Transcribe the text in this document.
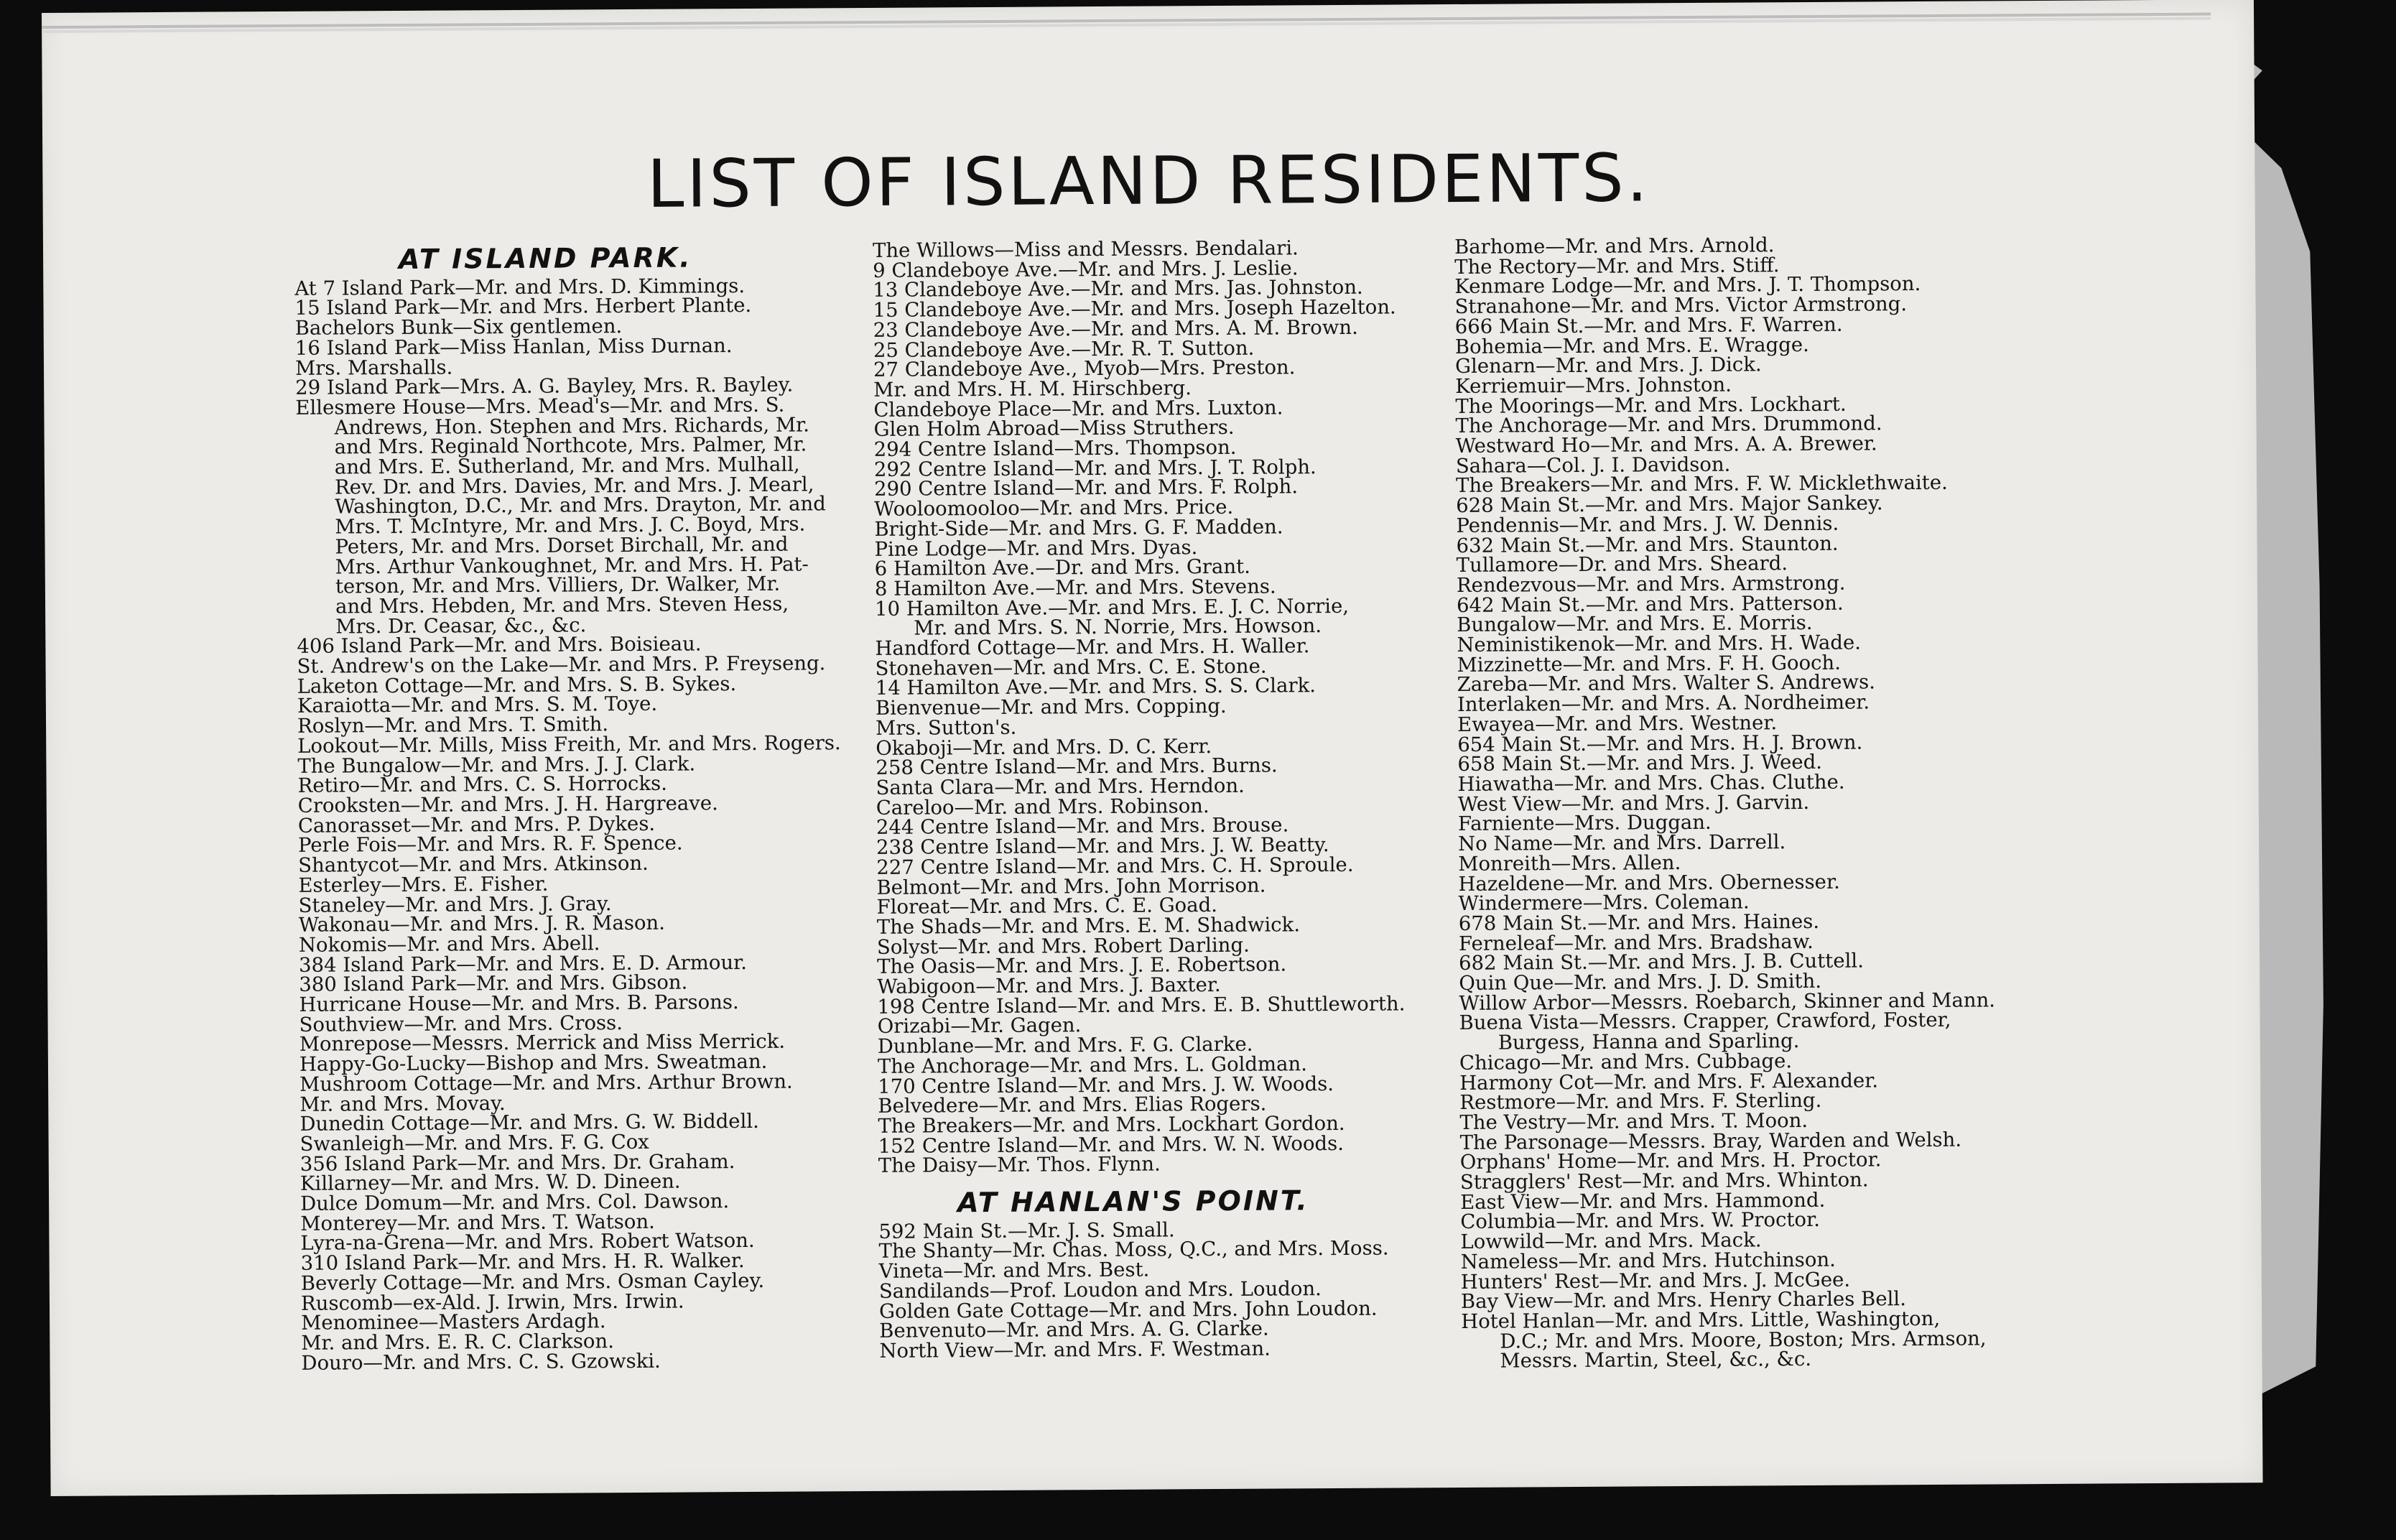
LIST OF ISLAND RESIDENTS.
AT ISLAND PARK.
At 7 Island Park—Mr. and Mrs. D. Kimmings.
15 Island Park—Mr. and Mrs. Herbert Plante.
Bachelors Bunk—Six gentlemen.
16 Island Park—Miss Hanlan, Miss Durnan.
Mrs. Marshalls.
29 Island Park—Mrs. A. G. Bayley, Mrs. R. Bayley.
Ellesmere House—Mrs. Mead's—Mr. and Mrs. S.
Andrews, Hon. Stephen and Mrs. Richards, Mr.
and Mrs. Reginald Northcote, Mrs. Palmer, Mr.
and Mrs. E. Sutherland, Mr. and Mrs. Mulhall,
Rev. Dr. and Mrs. Davies, Mr. and Mrs. J. Mearl,
Washington, D.C., Mr. and Mrs. Drayton, Mr. and
Mrs. T. McIntyre, Mr. and Mrs. J. C. Boyd, Mrs.
Peters, Mr. and Mrs. Dorset Birchall, Mr. and
Mrs. Arthur Vankoughnet, Mr. and Mrs. H. Pat-
terson, Mr. and Mrs. Villiers, Dr. Walker, Mr.
and Mrs. Hebden, Mr. and Mrs. Steven Hess,
Mrs. Dr. Ceasar, &c., &c.
406 Island Park—Mr. and Mrs. Boisieau.
St. Andrew's on the Lake—Mr. and Mrs. P. Freyseng.
Laketon Cottage—Mr. and Mrs. S. B. Sykes.
Karaiotta—Mr. and Mrs. S. M. Toye.
Roslyn—Mr. and Mrs. T. Smith.
Lookout—Mr. Mills, Miss Freith, Mr. and Mrs. Rogers.
The Bungalow—Mr. and Mrs. J. J. Clark.
Retiro—Mr. and Mrs. C. S. Horrocks.
Crooksten—Mr. and Mrs. J. H. Hargreave.
Canorasset—Mr. and Mrs. P. Dykes.
Perle Fois—Mr. and Mrs. R. F. Spence.
Shantycot—Mr. and Mrs. Atkinson.
Esterley—Mrs. E. Fisher.
Staneley—Mr. and Mrs. J. Gray.
Wakonau—Mr. and Mrs. J. R. Mason.
Nokomis—Mr. and Mrs. Abell.
384 Island Park—Mr. and Mrs. E. D. Armour.
380 Island Park—Mr. and Mrs. Gibson.
Hurricane House—Mr. and Mrs. B. Parsons.
Southview—Mr. and Mrs. Cross.
Monrepose—Messrs. Merrick and Miss Merrick.
Happy-Go-Lucky—Bishop and Mrs. Sweatman.
Mushroom Cottage—Mr. and Mrs. Arthur Brown.
Mr. and Mrs. Movay.
Dunedin Cottage—Mr. and Mrs. G. W. Biddell.
Swanleigh—Mr. and Mrs. F. G. Cox
356 Island Park—Mr. and Mrs. Dr. Graham.
Killarney—Mr. and Mrs. W. D. Dineen.
Dulce Domum—Mr. and Mrs. Col. Dawson.
Monterey—Mr. and Mrs. T. Watson.
Lyra-na-Grena—Mr. and Mrs. Robert Watson.
310 Island Park—Mr. and Mrs. H. R. Walker.
Beverly Cottage—Mr. and Mrs. Osman Cayley.
Ruscomb—ex-Ald. J. Irwin, Mrs. Irwin.
Menominee—Masters Ardagh.
Mr. and Mrs. E. R. C. Clarkson.
Douro—Mr. and Mrs. C. S. Gzowski.
The Willows—Miss and Messrs. Bendalari.
9 Clandeboye Ave.—Mr. and Mrs. J. Leslie.
13 Clandeboye Ave.—Mr. and Mrs. Jas. Johnston.
15 Clandeboye Ave.—Mr. and Mrs. Joseph Hazelton.
23 Clandeboye Ave.—Mr. and Mrs. A. M. Brown.
25 Clandeboye Ave.—Mr. R. T. Sutton.
27 Clandeboye Ave., Myob—Mrs. Preston.
Mr. and Mrs. H. M. Hirschberg.
Clandeboye Place—Mr. and Mrs. Luxton.
Glen Holm Abroad—Miss Struthers.
294 Centre Island—Mrs. Thompson.
292 Centre Island—Mr. and Mrs. J. T. Rolph.
290 Centre Island—Mr. and Mrs. F. Rolph.
Wooloomooloo—Mr. and Mrs. Price.
Bright-Side—Mr. and Mrs. G. F. Madden.
Pine Lodge—Mr. and Mrs. Dyas.
6 Hamilton Ave.—Dr. and Mrs. Grant.
8 Hamilton Ave.—Mr. and Mrs. Stevens.
10 Hamilton Ave.—Mr. and Mrs. E. J. C. Norrie,
Mr. and Mrs. S. N. Norrie, Mrs. Howson.
Handford Cottage—Mr. and Mrs. H. Waller.
Stonehaven—Mr. and Mrs. C. E. Stone.
14 Hamilton Ave.—Mr. and Mrs. S. S. Clark.
Bienvenue—Mr. and Mrs. Copping.
Mrs. Sutton's.
Okaboji—Mr. and Mrs. D. C. Kerr.
258 Centre Island—Mr. and Mrs. Burns.
Santa Clara—Mr. and Mrs. Herndon.
Careloo—Mr. and Mrs. Robinson.
244 Centre Island—Mr. and Mrs. Brouse.
238 Centre Island—Mr. and Mrs. J. W. Beatty.
227 Centre Island—Mr. and Mrs. C. H. Sproule.
Belmont—Mr. and Mrs. John Morrison.
Floreat—Mr. and Mrs. C. E. Goad.
The Shads—Mr. and Mrs. E. M. Shadwick.
Solyst—Mr. and Mrs. Robert Darling.
The Oasis—Mr. and Mrs. J. E. Robertson.
Wabigoon—Mr. and Mrs. J. Baxter.
198 Centre Island—Mr. and Mrs. E. B. Shuttleworth.
Orizabi—Mr. Gagen.
Dunblane—Mr. and Mrs. F. G. Clarke.
The Anchorage—Mr. and Mrs. L. Goldman.
170 Centre Island—Mr. and Mrs. J. W. Woods.
Belvedere—Mr. and Mrs. Elias Rogers.
The Breakers—Mr. and Mrs. Lockhart Gordon.
152 Centre Island—Mr. and Mrs. W. N. Woods.
The Daisy—Mr. Thos. Flynn.
AT HANLAN'S POINT.
592 Main St.—Mr. J. S. Small.
The Shanty—Mr. Chas. Moss, Q.C., and Mrs. Moss.
Vineta—Mr. and Mrs. Best.
Sandilands—Prof. Loudon and Mrs. Loudon.
Golden Gate Cottage—Mr. and Mrs. John Loudon.
Benvenuto—Mr. and Mrs. A. G. Clarke.
North View—Mr. and Mrs. F. Westman.
Barhome—Mr. and Mrs. Arnold.
The Rectory—Mr. and Mrs. Stiff.
Kenmare Lodge—Mr. and Mrs. J. T. Thompson.
Stranahone—Mr. and Mrs. Victor Armstrong.
666 Main St.—Mr. and Mrs. F. Warren.
Bohemia—Mr. and Mrs. E. Wragge.
Glenarn—Mr. and Mrs. J. Dick.
Kerriemuir—Mrs. Johnston.
The Moorings—Mr. and Mrs. Lockhart.
The Anchorage—Mr. and Mrs. Drummond.
Westward Ho—Mr. and Mrs. A. A. Brewer.
Sahara—Col. J. I. Davidson.
The Breakers—Mr. and Mrs. F. W. Micklethwaite.
628 Main St.—Mr. and Mrs. Major Sankey.
Pendennis—Mr. and Mrs. J. W. Dennis.
632 Main St.—Mr. and Mrs. Staunton.
Tullamore—Dr. and Mrs. Sheard.
Rendezvous—Mr. and Mrs. Armstrong.
642 Main St.—Mr. and Mrs. Patterson.
Bungalow—Mr. and Mrs. E. Morris.
Neministikenok—Mr. and Mrs. H. Wade.
Mizzinette—Mr. and Mrs. F. H. Gooch.
Zareba—Mr. and Mrs. Walter S. Andrews.
Interlaken—Mr. and Mrs. A. Nordheimer.
Ewayea—Mr. and Mrs. Westner.
654 Main St.—Mr. and Mrs. H. J. Brown.
658 Main St.—Mr. and Mrs. J. Weed.
Hiawatha—Mr. and Mrs. Chas. Cluthe.
West View—Mr. and Mrs. J. Garvin.
Farniente—Mrs. Duggan.
No Name—Mr. and Mrs. Darrell.
Monreith—Mrs. Allen.
Hazeldene—Mr. and Mrs. Obernesser.
Windermere—Mrs. Coleman.
678 Main St.—Mr. and Mrs. Haines.
Ferneleaf—Mr. and Mrs. Bradshaw.
682 Main St.—Mr. and Mrs. J. B. Cuttell.
Quin Que—Mr. and Mrs. J. D. Smith.
Willow Arbor—Messrs. Roebarch, Skinner and Mann.
Buena Vista—Messrs. Crapper, Crawford, Foster,
Burgess, Hanna and Sparling.
Chicago—Mr. and Mrs. Cubbage.
Harmony Cot—Mr. and Mrs. F. Alexander.
Restmore—Mr. and Mrs. F. Sterling.
The Vestry—Mr. and Mrs. T. Moon.
The Parsonage—Messrs. Bray, Warden and Welsh.
Orphans' Home—Mr. and Mrs. H. Proctor.
Stragglers' Rest—Mr. and Mrs. Whinton.
East View—Mr. and Mrs. Hammond.
Columbia—Mr. and Mrs. W. Proctor.
Lowwild—Mr. and Mrs. Mack.
Nameless—Mr. and Mrs. Hutchinson.
Hunters' Rest—Mr. and Mrs. J. McGee.
Bay View—Mr. and Mrs. Henry Charles Bell.
Hotel Hanlan—Mr. and Mrs. Little, Washington,
D.C.; Mr. and Mrs. Moore, Boston; Mrs. Armson,
Messrs. Martin, Steel, &c., &c.
